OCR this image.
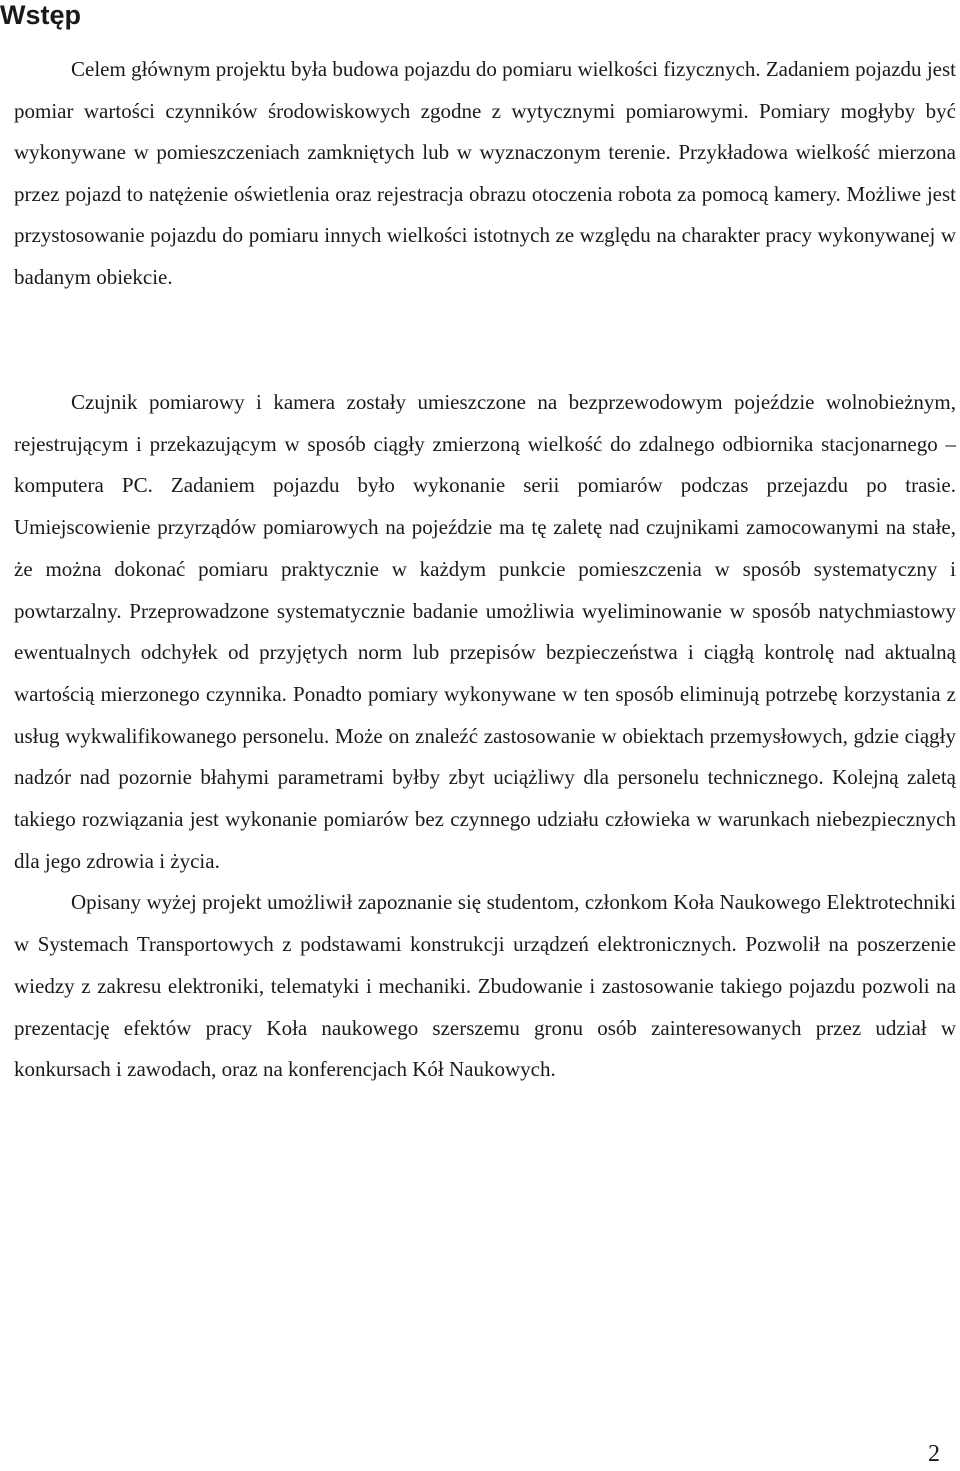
Wstęp

Celem głównym projektu była budowa pojazdu do pomiaru wielkości fizycznych. Zadaniem pojazdu jest pomiar wartości czynników środowiskowych zgodne z wytycznymi pomiarowymi. Pomiary mogłyby być wykonywane w pomieszczeniach zamkniętych lub w wyznaczonym terenie. Przykładowa wielkość mierzona przez pojazd to natężenie oświetlenia oraz rejestracja obrazu otoczenia robota za pomocą kamery. Możliwe jest przystosowanie pojazdu do pomiaru innych wielkości istotnych ze względu na charakter pracy wykonywanej w badanym obiekcie.

Czujnik pomiarowy i kamera zostały umieszczone na bezprzewodowym pojeździe wolnobieżnym, rejestrującym i przekazującym w sposób ciągły zmierzoną wielkość do zdalnego odbiornika stacjonarnego – komputera PC. Zadaniem pojazdu było wykonanie serii pomiarów podczas przejazdu po trasie. Umiejscowienie przyrządów pomiarowych na pojeździe ma tę zaletę nad czujnikami zamocowanymi na stałe, że można dokonać pomiaru praktycznie w każdym punkcie pomieszczenia w sposób systematyczny i powtarzalny. Przeprowadzone systematycznie badanie umożliwia wyeliminowanie w sposób natychmiastowy ewentualnych odchyłek od przyjętych norm lub przepisów bezpieczeństwa i ciągłą kontrolę nad aktualną wartością mierzonego czynnika. Ponadto pomiary wykonywane w ten sposób eliminują potrzebę korzystania z usług wykwalifikowanego personelu. Może on znaleźć zastosowanie w obiektach przemysłowych, gdzie ciągły nadzór nad pozornie błahymi parametrami byłby zbyt uciążliwy dla personelu technicznego. Kolejną zaletą takiego rozwiązania jest wykonanie pomiarów bez czynnego udziału człowieka w warunkach niebezpiecznych dla jego zdrowia i życia.

Opisany wyżej projekt umożliwił zapoznanie się studentom, członkom Koła Naukowego Elektrotechniki w Systemach Transportowych z podstawami konstrukcji urządzeń elektronicznych. Pozwolił na poszerzenie wiedzy z zakresu elektroniki, telematyki i mechaniki. Zbudowanie i zastosowanie takiego pojazdu pozwoli na prezentację efektów pracy Koła naukowego szerszemu gronu osób zainteresowanych przez udział w konkursach i zawodach, oraz na konferencjach Kół Naukowych.

2
